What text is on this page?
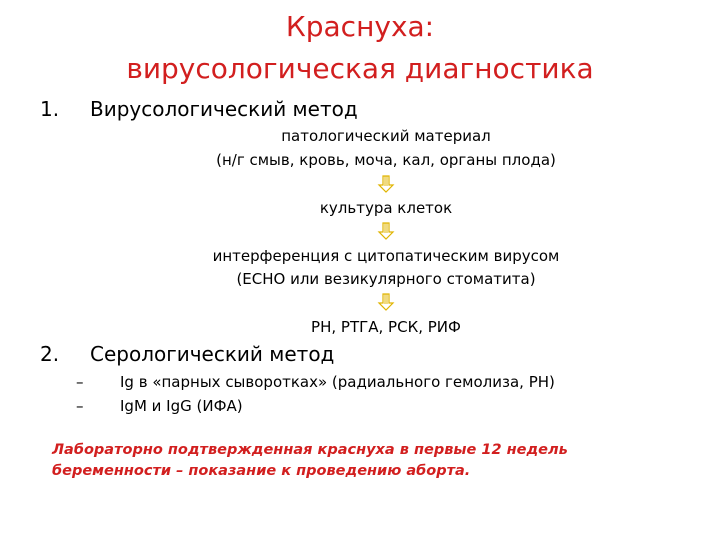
Краснуха:
вирусологическая диагностика
1. Вирусологический метод
патологический материал
(н/г смыв, кровь, моча, кал, органы плода)
культура клеток
интерференция с цитопатическим вирусом
(ЕСНО или везикулярного стоматита)
РН, РТГА, РСК, РИФ
2. Серологический метод
– Ig в «парных сыворотках» (радиального гемолиза, РН)
– IgM и IgG (ИФА)
Лабораторно подтвержденная краснуха в первые 12 недель
беременности – показание к проведению аборта.
